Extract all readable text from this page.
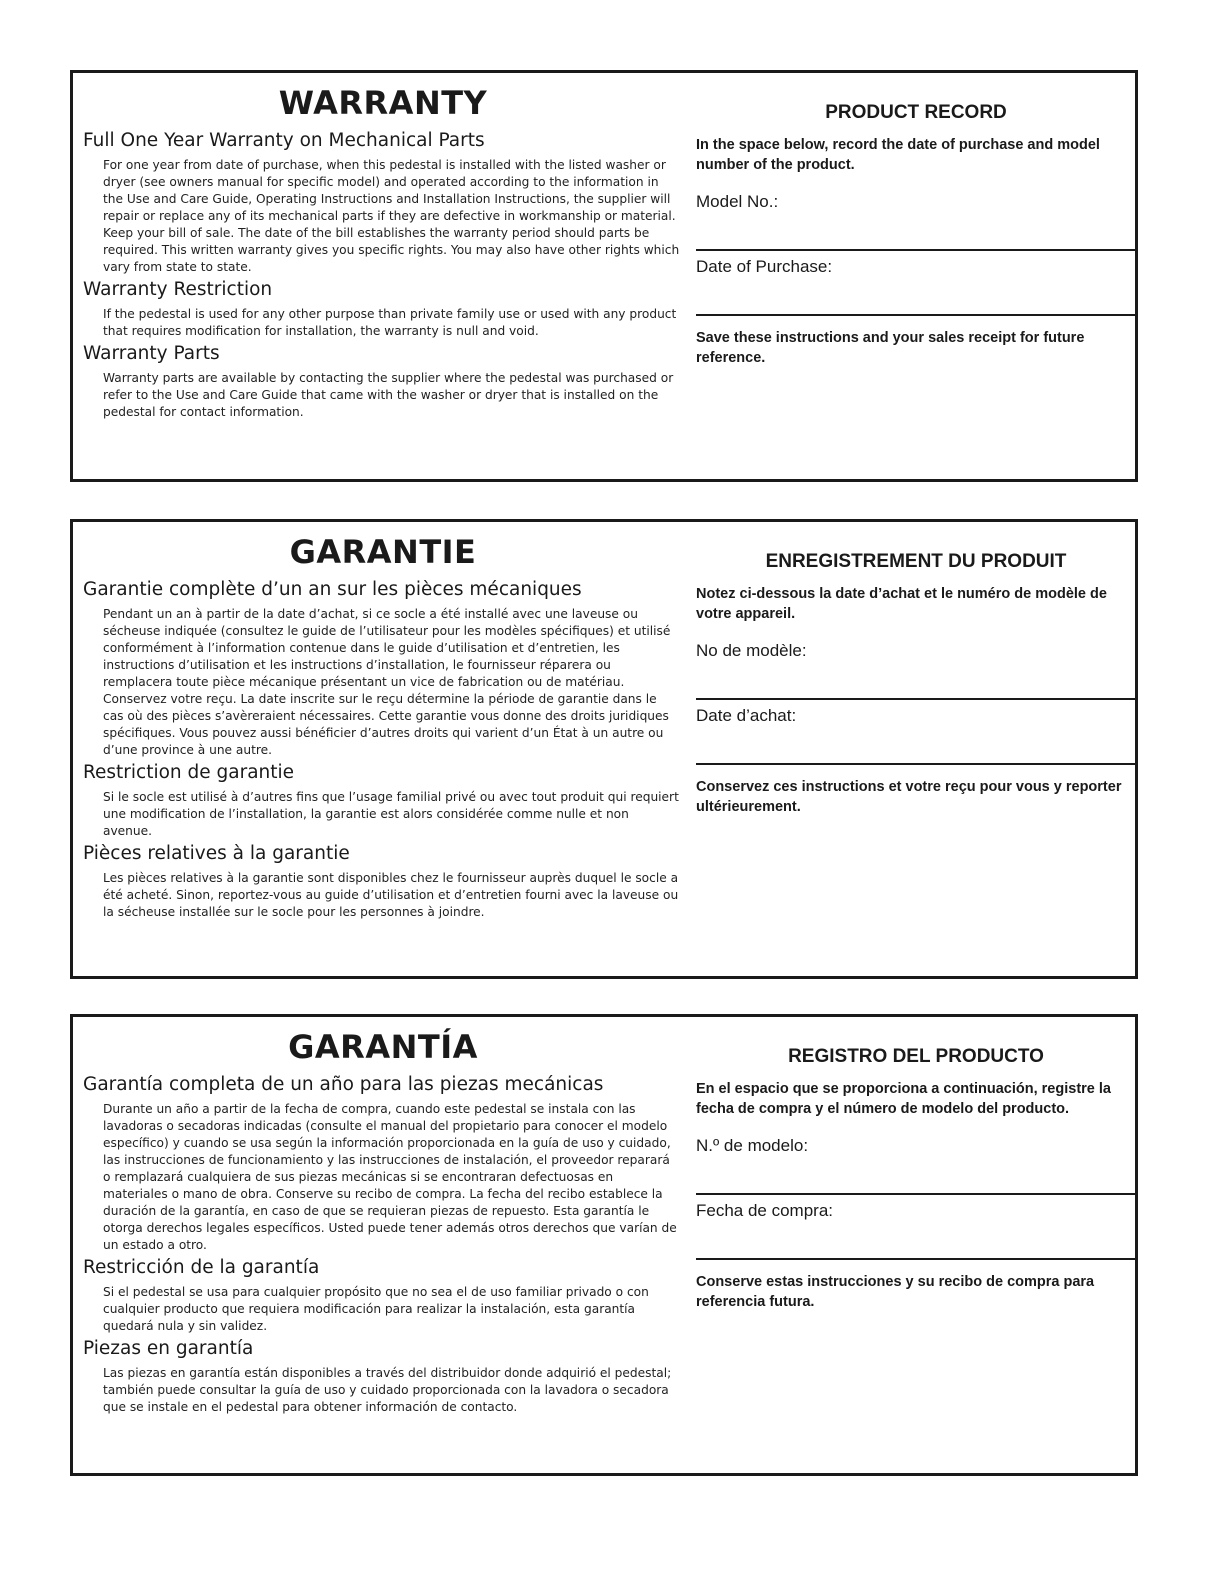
WARRANTY
Full One Year Warranty on Mechanical Parts
For one year from date of purchase, when this pedestal is installed with the listed washer or dryer (see owners manual for specific model) and operated according to the information in the Use and Care Guide, Operating Instructions and Installation Instructions, the supplier will repair or replace any of its mechanical parts if they are defective in workmanship or material. Keep your bill of sale. The date of the bill establishes the warranty period should parts be required. This written warranty gives you specific rights. You may also have other rights which vary from state to state.
Warranty Restriction
If the pedestal is used for any other purpose than private family use or used with any product that requires modification for installation, the warranty is null and void.
Warranty Parts
Warranty parts are available by contacting the supplier where the pedestal was purchased or refer to the Use and Care Guide that came with the washer or dryer that is installed on the pedestal for contact information.
PRODUCT RECORD
In the space below, record the date of purchase and model number of the product.
Model No.:
Date of Purchase:
Save these instructions and your sales receipt for future reference.
GARANTIE
Garantie complète d’un an sur les pièces mécaniques
Pendant un an à partir de la date d’achat, si ce socle a été installé avec une laveuse ou sécheuse indiquée (consultez le guide de l’utilisateur pour les modèles spécifiques) et utilisé conformément à l’information contenue dans le guide d’utilisation et d’entretien, les instructions d’utilisation et les instructions d’installation, le fournisseur réparera ou remplacera toute pièce mécanique présentant un vice de fabrication ou de matériau. Conservez votre reçu. La date inscrite sur le reçu détermine la période de garantie dans le cas où des pièces s’avèreraient nécessaires. Cette garantie vous donne des droits juridiques spécifiques. Vous pouvez aussi bénéficier d’autres droits qui varient d’un État à un autre ou d’une province à une autre.
Restriction de garantie
Si le socle est utilisé à d’autres fins que l’usage familial privé ou avec tout produit qui requiert une modification de l’installation, la garantie est alors considérée comme nulle et non avenue.
Pièces relatives à la garantie
Les pièces relatives à la garantie sont disponibles chez le fournisseur auprès duquel le socle a été acheté. Sinon, reportez-vous au guide d’utilisation et d’entretien fourni avec la laveuse ou la sécheuse installée sur le socle pour les personnes à joindre.
ENREGISTREMENT DU PRODUIT
Notez ci-dessous la date d’achat et le numéro de modèle de votre appareil.
No de modèle:
Date d’achat:
Conservez ces instructions et votre reçu pour vous y reporter ultérieurement.
GARANTÍA
Garantía completa de un año para las piezas mecánicas
Durante un año a partir de la fecha de compra, cuando este pedestal se instala con las lavadoras o secadoras indicadas (consulte el manual del propietario para conocer el modelo específico) y cuando se usa según la información proporcionada en la guía de uso y cuidado, las instrucciones de funcionamiento y las instrucciones de instalación, el proveedor reparará o remplazará cualquiera de sus piezas mecánicas si se encontraran defectuosas en materiales o mano de obra. Conserve su recibo de compra. La fecha del recibo establece la duración de la garantía, en caso de que se requieran piezas de repuesto. Esta garantía le otorga derechos legales específicos. Usted puede tener además otros derechos que varían de un estado a otro.
Restricción de la garantía
Si el pedestal se usa para cualquier propósito que no sea el de uso familiar privado o con cualquier producto que requiera modificación para realizar la instalación, esta garantía quedará nula y sin validez.
Piezas en garantía
Las piezas en garantía están disponibles a través del distribuidor donde adquirió el pedestal; también puede consultar la guía de uso y cuidado proporcionada con la lavadora o secadora que se instale en el pedestal para obtener información de contacto.
REGISTRO DEL PRODUCTO
En el espacio que se proporciona a continuación, registre la fecha de compra y el número de modelo del producto.
N.º de modelo:
Fecha de compra:
Conserve estas instrucciones y su recibo de compra para referencia futura.
